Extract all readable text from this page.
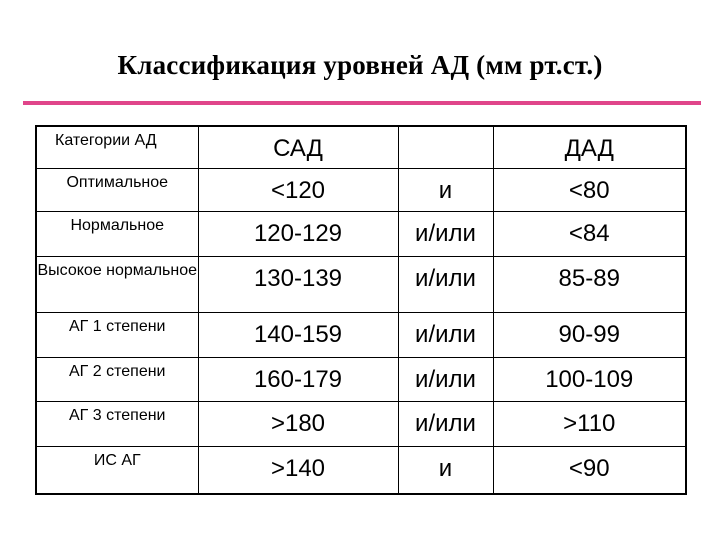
Классификация уровней АД (мм рт.ст.)
Категории АД	САД		ДАД
Оптимальное	<120	и	<80
Нормальное	120-129	и/или	<84
Высокое нормальное	130-139	и/или	85-89
АГ 1 степени	140-159	и/или	90-99
АГ 2 степени	160-179	и/или	100-109
АГ 3 степени	>180	и/или	>110
ИС АГ	>140	и	<90
